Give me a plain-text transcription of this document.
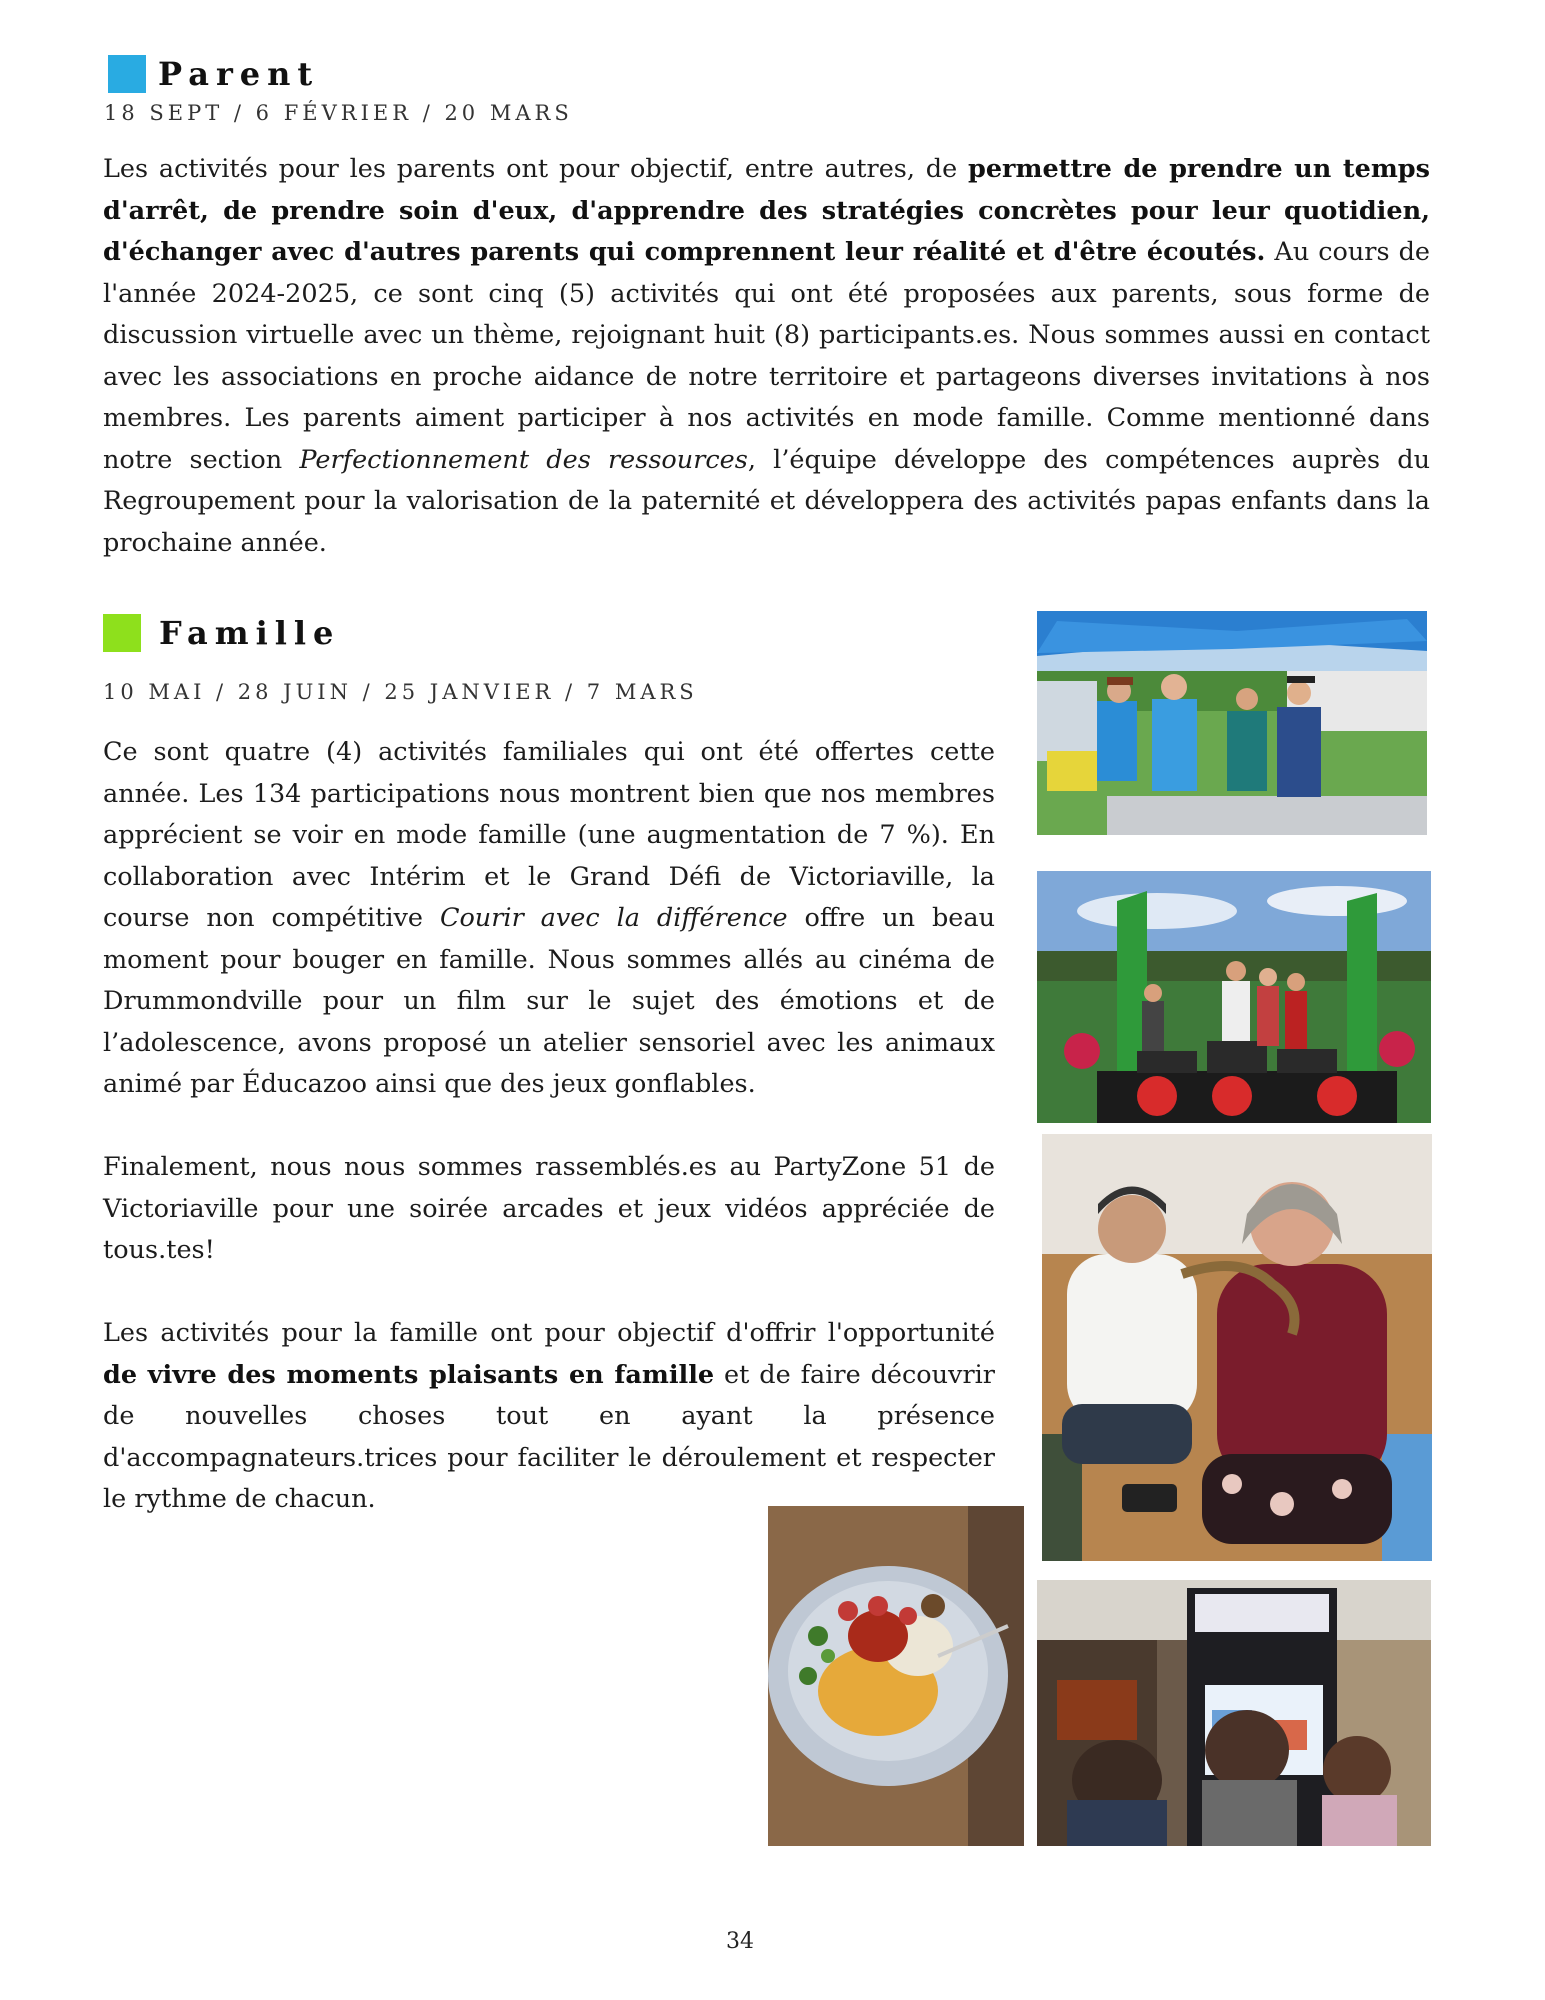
Parent
18 SEPT / 6 FÉVRIER / 20 MARS
Les activités pour les parents ont pour objectif, entre autres, de permettre de prendre un temps d'arrêt, de prendre soin d'eux, d'apprendre des stratégies concrètes pour leur quotidien, d'échanger avec d'autres parents qui comprennent leur réalité et d'être écoutés. Au cours de l'année 2024-2025, ce sont cinq (5) activités qui ont été proposées aux parents, sous forme de discussion virtuelle avec un thème, rejoignant huit (8) participants.es. Nous sommes aussi en contact avec les associations en proche aidance de notre territoire et partageons diverses invitations à nos membres. Les parents aiment participer à nos activités en mode famille. Comme mentionné dans notre section Perfectionnement des ressources, l’équipe développe des compétences auprès du Regroupement pour la valorisation de la paternité et développera des activités papas enfants dans la prochaine année.
Famille
10 MAI / 28 JUIN / 25 JANVIER / 7 MARS
Ce sont quatre (4) activités familiales qui ont été offertes cette année. Les 134 participations nous montrent bien que nos membres apprécient se voir en mode famille (une augmentation de 7 %). En collaboration avec Intérim et le Grand Défi de Victoriaville, la course non compétitive Courir avec la différence offre un beau moment pour bouger en famille. Nous sommes allés au cinéma de Drummondville pour un film sur le sujet des émotions et de l’adolescence, avons proposé un atelier sensoriel avec les animaux animé par Éducazoo ainsi que des jeux gonflables.
Finalement, nous nous sommes rassemblés.es au PartyZone 51 de Victoriaville pour une soirée arcades et jeux vidéos appréciée de tous.tes!
Les activités pour la famille ont pour objectif d'offrir l'opportunité de vivre des moments plaisants en famille et de faire découvrir de nouvelles choses tout en ayant la présence d'accompagnateurs.trices pour faciliter le déroulement et respecter le rythme de chacun.
34
